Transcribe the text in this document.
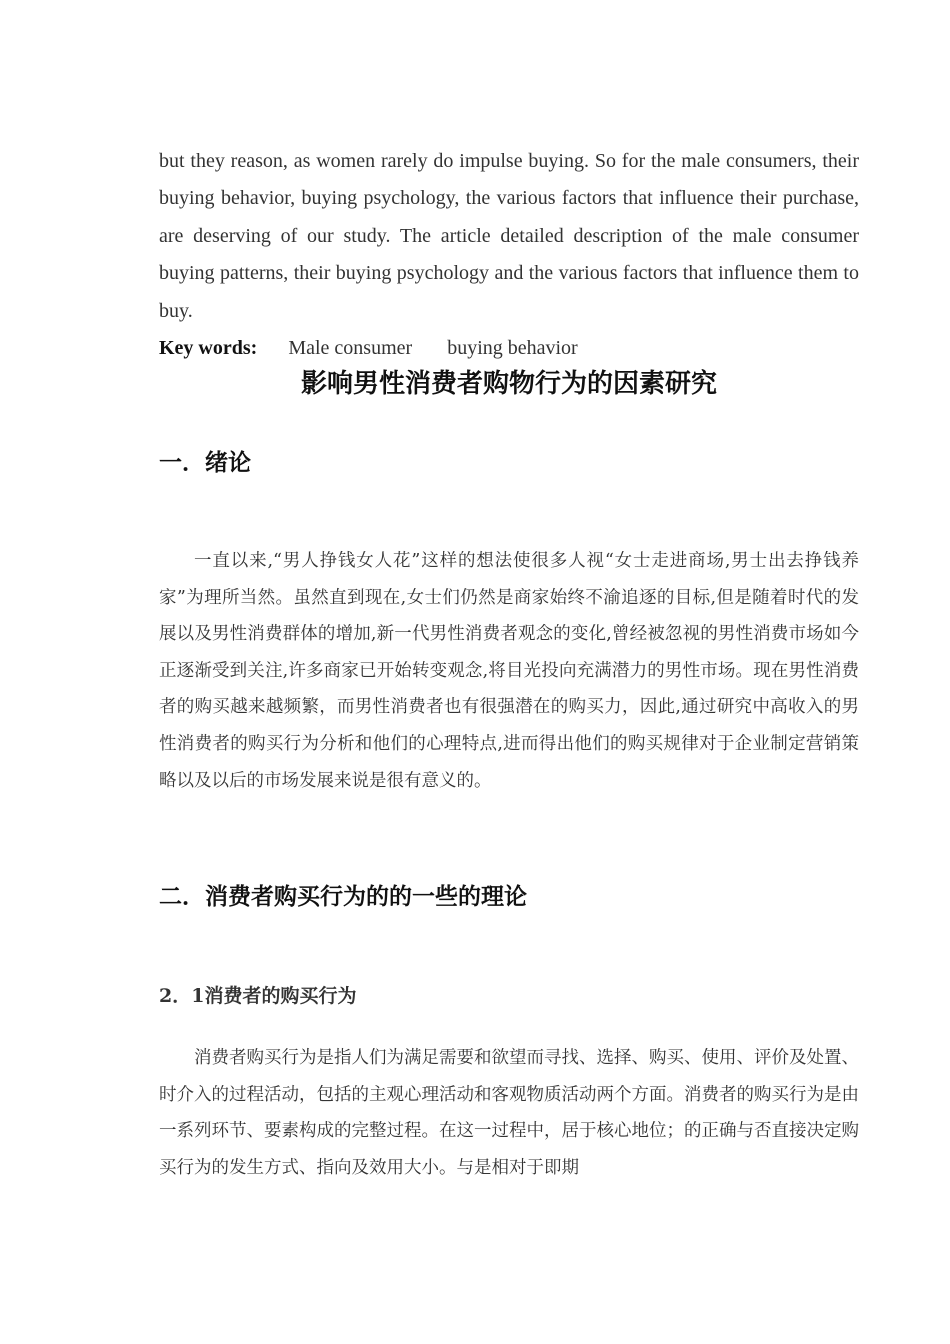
but they reason, as women rarely do impulse buying. So for the male consumers, their buying behavior, buying psychology, the various factors that influence their purchase, are deserving of our study. The article detailed description of the male consumer buying patterns, their buying psychology and the various factors that influence them to buy.

Key words: Male consumer buying behavior

影响男性消费者购物行为的因素研究
一．绪论

一直以来,“男人挣钱女人花”这样的想法使很多人视“女士走进商场,男士出去挣钱养家”为理所当然。虽然直到现在,女士们仍然是商家始终不渝追逐的目标,但是随着时代的发展以及男性消费群体的增加,新一代男性消费者观念的变化,曾经被忽视的男性消费市场如今正逐渐受到关注,许多商家已开始转变观念,将目光投向充满潜力的男性市场。现在男性消费者的购买越来越频繁，而男性消费者也有很强潜在的购买力，因此,通过研究中高收入的男性消费者的购买行为分析和他们的心理特点,进而得出他们的购买规律对于企业制定营销策略以及以后的市场发展来说是很有意义的。

二．消费者购买行为的的一些的理论
2．1消费者的购买行为

消费者购买行为是指人们为满足需要和欲望而寻找、选择、购买、使用、评价及处置、时介入的过程活动，包括的主观心理活动和客观物质活动两个方面。消费者的购买行为是由一系列环节、要素构成的完整过程。在这一过程中，居于核心地位；的正确与否直接决定购买行为的发生方式、指向及效用大小。与是相对于即期
